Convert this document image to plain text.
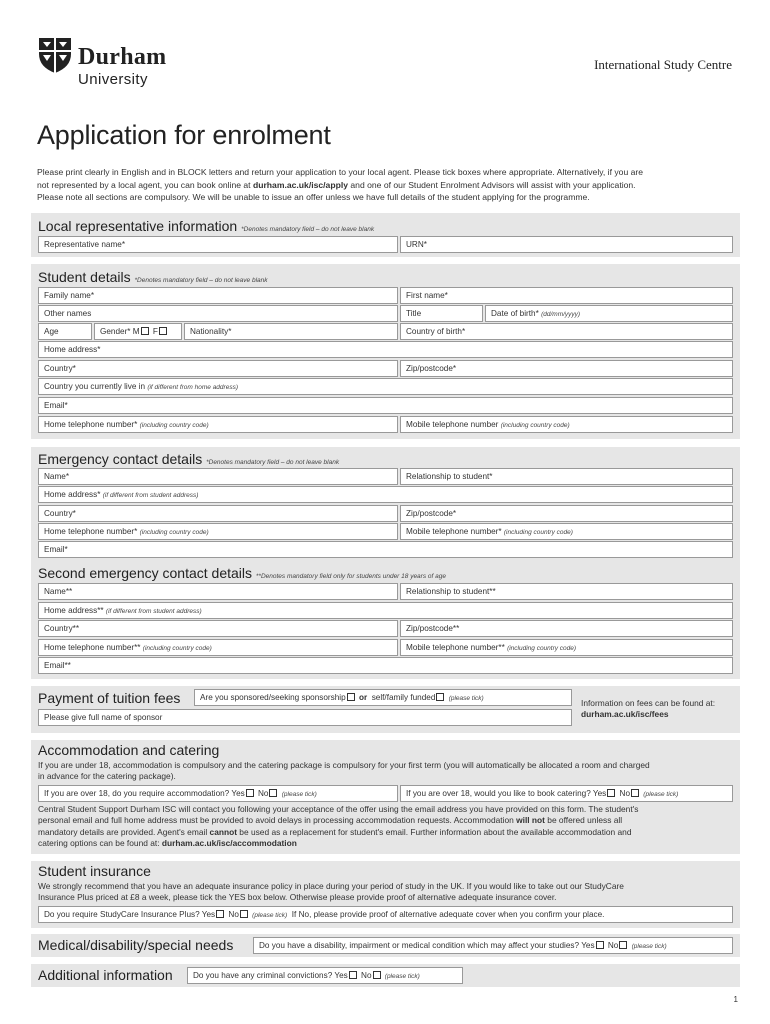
Durham
University
International Study Centre
Application for enrolment
Please print clearly in English and in BLOCK letters and return your application to your local agent. Please tick boxes where appropriate. Alternatively, if you are
not represented by a local agent, you can book online at durham.ac.uk/isc/apply and one of our Student Enrolment Advisors will assist with your application.
Please note all sections are compulsory. We will be unable to issue an offer unless we have full details of the student applying for the programme.
Local representative information *Denotes mandatory field – do not leave blank
Representative name*	URN*
Student details *Denotes mandatory field – do not leave blank
Family name*	First name*
Other names	Title	Date of birth* (dd/mm/yyyy)
Age	Gender* M F	Nationality*	Country of birth*
Home address*
Country*	Zip/postcode*
Country you currently live in (if different from home address)
Email*
Home telephone number* (including country code)	Mobile telephone number (including country code)
Emergency contact details *Denotes mandatory field – do not leave blank
Name*	Relationship to student*
Home address* (if different from student address)
Country*	Zip/postcode*
Home telephone number* (including country code)	Mobile telephone number* (including country code)
Email*
Second emergency contact details **Denotes mandatory field only for students under 18 years of age
Name**	Relationship to student**
Home address** (if different from student address)
Country**	Zip/postcode**
Home telephone number** (including country code)	Mobile telephone number** (including country code)
Email**
Payment of tuition fees	Are you sponsored/seeking sponsorship or self/family funded (please tick)
Please give full name of sponsor
Information on fees can be found at:
durham.ac.uk/isc/fees
Accommodation and catering
If you are under 18, accommodation is compulsory and the catering package is compulsory for your first term (you will automatically be allocated a room and charged
in advance for the catering package).
If you are over 18, do you require accommodation? Yes No (please tick)	If you are over 18, would you like to book catering? Yes No (please tick)
Central Student Support Durham ISC will contact you following your acceptance of the offer using the email address you have provided on this form. The student's
personal email and full home address must be provided to avoid delays in processing accommodation requests. Accommodation will not be offered unless all
mandatory details are provided. Agent's email cannot be used as a replacement for student's email. Further information about the available accommodation and
catering options can be found at: durham.ac.uk/isc/accommodation
Student insurance
We strongly recommend that you have an adequate insurance policy in place during your period of study in the UK. If you would like to take out our StudyCare
Insurance Plus priced at £8 a week, please tick the YES box below. Otherwise please provide proof of alternative adequate insurance cover.
Do you require StudyCare Insurance Plus? Yes No (please tick) If No, please provide proof of alternative adequate cover when you confirm your place.
Medical/disability/special needs	Do you have a disability, impairment or medical condition which may affect your studies? Yes No (please tick)
Additional information	Do you have any criminal convictions? Yes No (please tick)
1
